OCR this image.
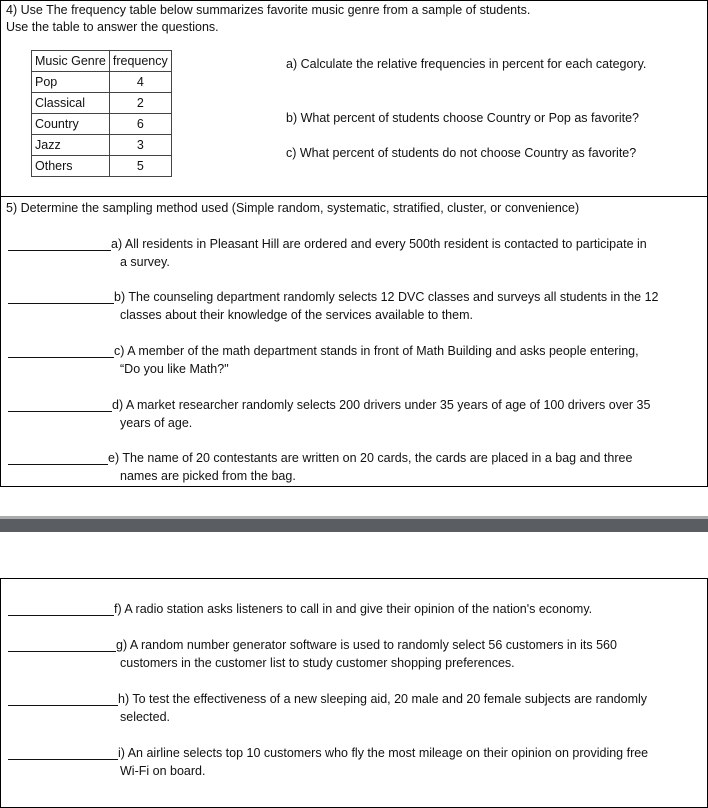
4) Use The frequency table below summarizes favorite music genre from a sample of students.
Use the table to answer the questions.
Music Genre	frequency
Pop	4
Classical	2
Country	6
Jazz	3
Others	5
a) Calculate the relative frequencies in percent for each category.
b) What percent of students choose Country or Pop as favorite?
c) What percent of students do not choose Country as favorite?
5) Determine the sampling method used (Simple random, systematic, stratified, cluster, or convenience)
a) All residents in Pleasant Hill are ordered and every 500th resident is contacted to participate in
a survey.
b) The counseling department randomly selects 12 DVC classes and surveys all students in the 12
classes about their knowledge of the services available to them.
c) A member of the math department stands in front of Math Building and asks people entering,
“Do you like Math?"
d) A market researcher randomly selects 200 drivers under 35 years of age of 100 drivers over 35
years of age.
e) The name of 20 contestants are written on 20 cards, the cards are placed in a bag and three
names are picked from the bag.
f) A radio station asks listeners to call in and give their opinion of the nation's economy.
g) A random number generator software is used to randomly select 56 customers in its 560
customers in the customer list to study customer shopping preferences.
h) To test the effectiveness of a new sleeping aid, 20 male and 20 female subjects are randomly
selected.
i) An airline selects top 10 customers who fly the most mileage on their opinion on providing free
Wi-Fi on board.
